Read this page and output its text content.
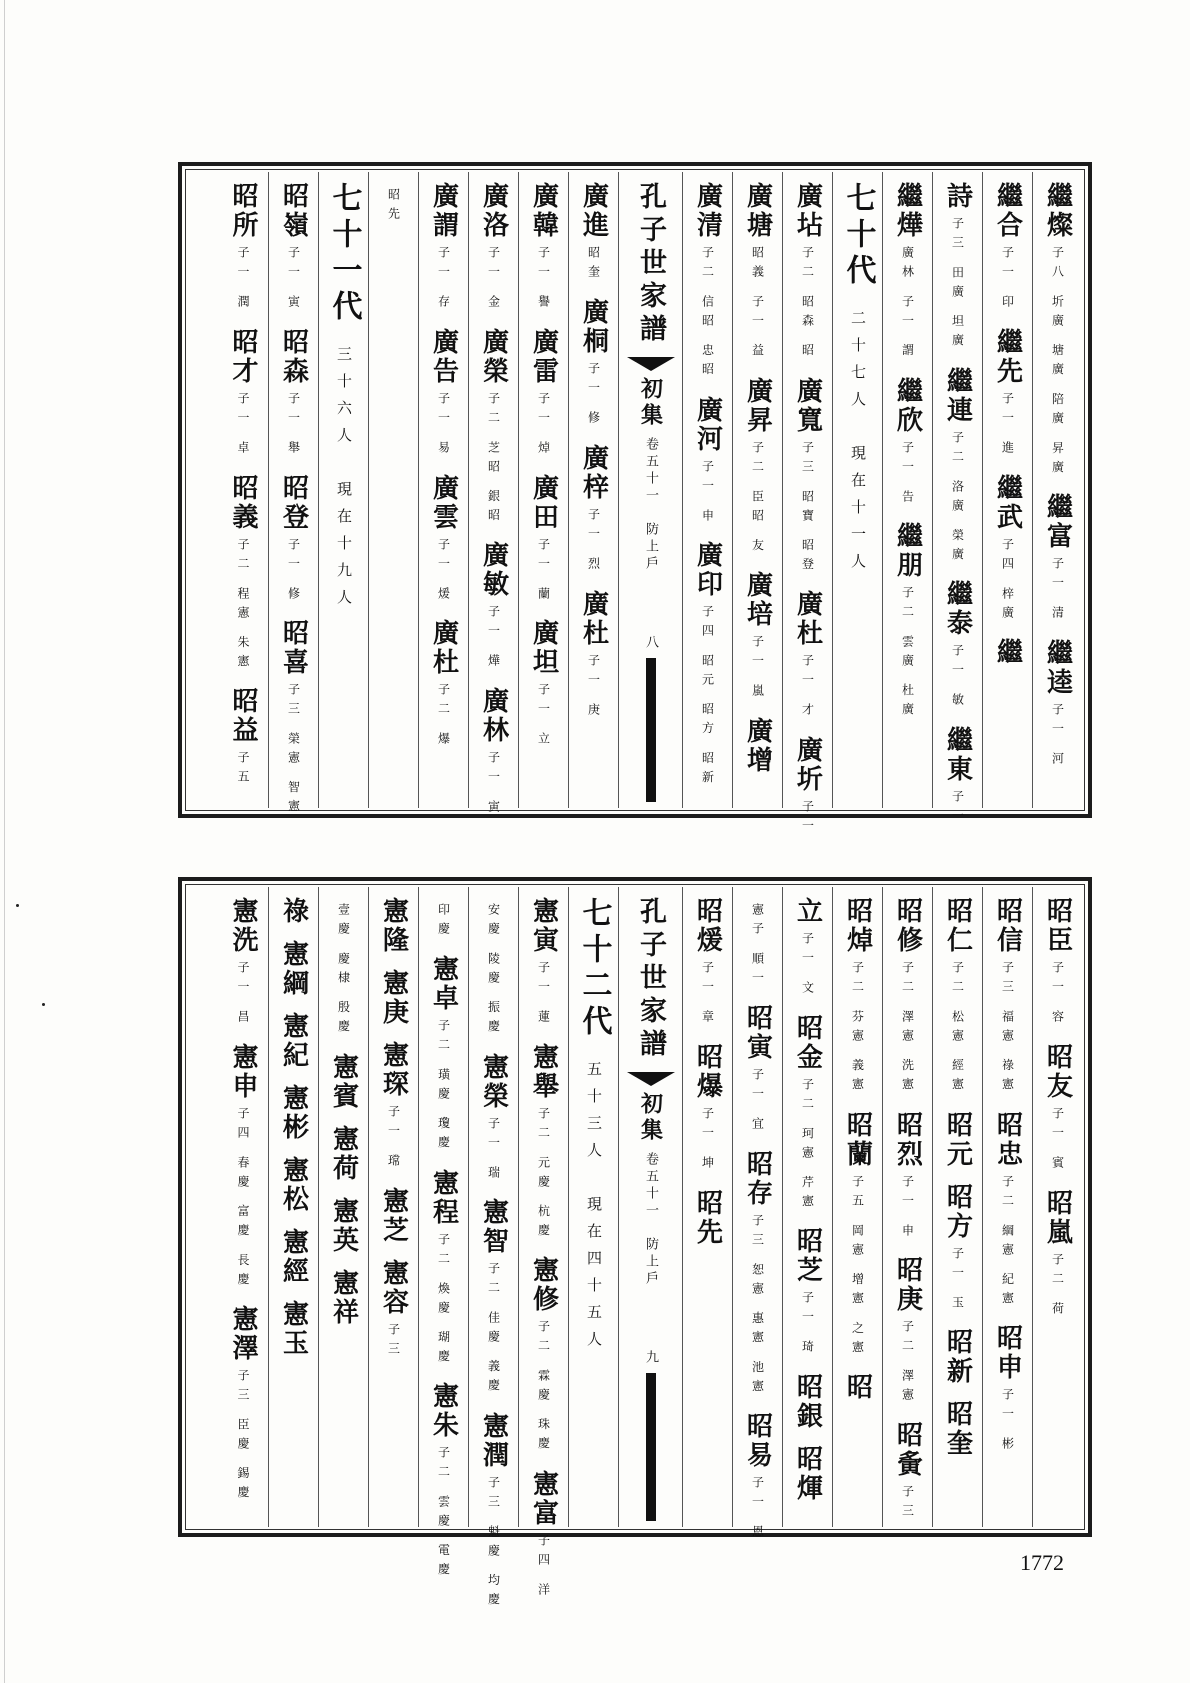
繼燦
子八 圻廣 塘廣 陪廣 昇廣
繼富
子一 清
繼逵
子一 河
繼合
子一 印
繼先
子一 進
繼武
子四 梓廣
繼
詩
子三 田廣 坦廣
繼連
子二 洛廣 榮廣
繼泰
子一 敏
繼東
子一
繼燁
廣林 子一 謂
繼欣
子一 告
繼朋
子二 雲廣 杜廣
七十代
二十七人　現在十一人
廣坫
子二 昭森 昭
廣寬
子三 昭寶 昭登
廣杜
子一 才
廣圻
子一
廣塘
昭義 子一 益
廣昇
子二 臣昭 友
廣培
子一 嵐
廣增
廣清
子二 信昭 忠昭
廣河
子一 申
廣印
子四 昭元 昭方 昭新
孔子世家譜
初集
卷五十一　防上戶
八
廣進
昭奎
廣桐
子一 修
廣梓
子一 烈
廣杜
子一 庚
廣韓
子一 譽
廣雷
子一 焯
廣田
子一 蘭
廣坦
子一 立
廣洛
子一 金
廣榮
子二 芝昭 銀昭
廣敏
子一 燁
廣林
子一 寅
廣謂
子一 存
廣告
子一 易
廣雲
子一 煖
廣杜
子二 爆
昭先
七十一代
三十六人　現在十九人
昭嶺
子一 寅
昭森
子一 舉
昭登
子一 修
昭喜
子三 榮憲 智憲
昭所
子一 潤
昭才
子一 卓
昭義
子二 程憲 朱憲
昭益
子五
昭臣
子一 容
昭友
子一 賓
昭嵐
子二 荷
昭信
子三 福憲 祿憲
昭忠
子二 綱憲 紀憲
昭申
子一 彬
昭仁
子二 松憲 經憲
昭元
昭方
子一 玉
昭新
昭奎
昭修
子二 澤憲 洗憲
昭烈
子一 申
昭庚
子二 澤憲
昭夤
子三
昭焯
子二 芬憲 義憲
昭蘭
子五 岡憲 增憲 之憲
昭
立
子一 文
昭金
子二 珂憲 芹憲
昭芝
子一 琦
昭銀
昭煇
憲子 順一
昭寅
子一 宜
昭存
子三 恕憲 惠憲 池憲
昭易
子一 恩
昭煖
子一 章
昭爆
子一 坤
昭先
孔子世家譜
初集
卷五十一　防上戶
九
七十二代
五十三人　現在四十五人
憲寅
子一 蓮
憲舉
子二 元慶 杭慶
憲修
子二 霖慶 珠慶
憲富
子四 洋
安慶 陵慶 振慶
憲榮
子一 瑞
憲智
子二 佳慶 義慶
憲潤
子三 魁慶 均慶
印慶
憲卓
子二 璜慶 瓊慶
憲程
子二 煥慶 瑚慶
憲朱
子二 雲慶 電慶
憲隆
憲庚
憲琛
子一 瑺
憲芝
憲容
子三
壹慶 慶棣 殷慶
憲賓
憲荷
憲英
憲祥
祿
憲綱
憲紀
憲彬
憲松
憲經
憲玉
憲洗
子一 昌
憲申
子四 春慶 富慶 長慶
憲澤
子三 臣慶 錫慶
1772
